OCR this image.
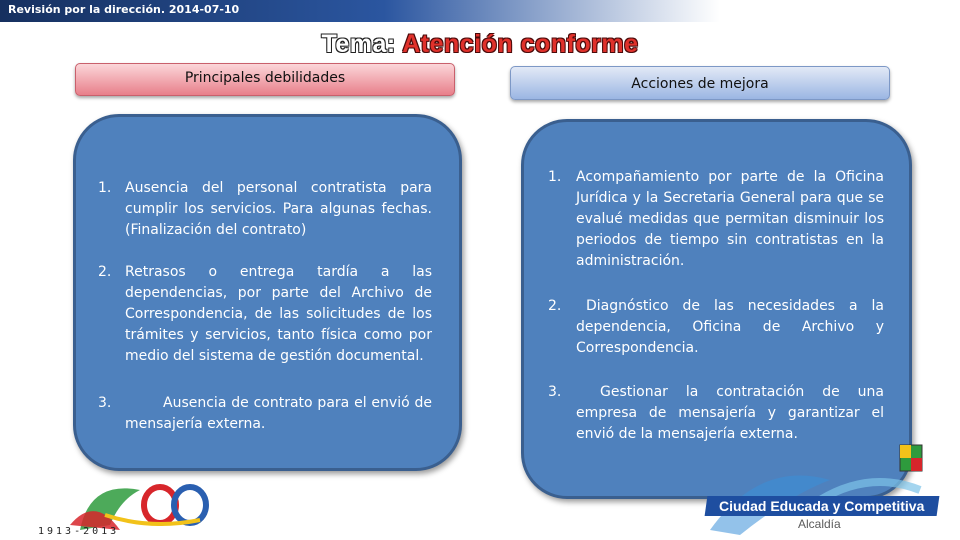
Revisión por la dirección. 2014-07-10
Tema: Atención conforme
Principales debilidades	Acciones de mejora
1. Ausencia del personal contratista para cumplir los servicios. Para algunas fechas. (Finalización del contrato)
2. Retrasos o entrega tardía a las dependencias, por parte del Archivo de Correspondencia, de las solicitudes de los trámites y servicios, tanto física como por medio del sistema de gestión documental.
3.	Ausencia de contrato para el envió de mensajería externa.
1. Acompañamiento por parte de la Oficina Jurídica y la Secretaria General para que se evalué medidas que permitan disminuir los periodos de tiempo sin contratistas en la administración.
2.	Diagnóstico de las necesidades a la dependencia, Oficina de Archivo y Correspondencia.
3.	Gestionar la contratación de una empresa de mensajería y garantizar el envió de la mensajería externa.
1913-2013
Ciudad Educada y Competitiva
Alcaldía
